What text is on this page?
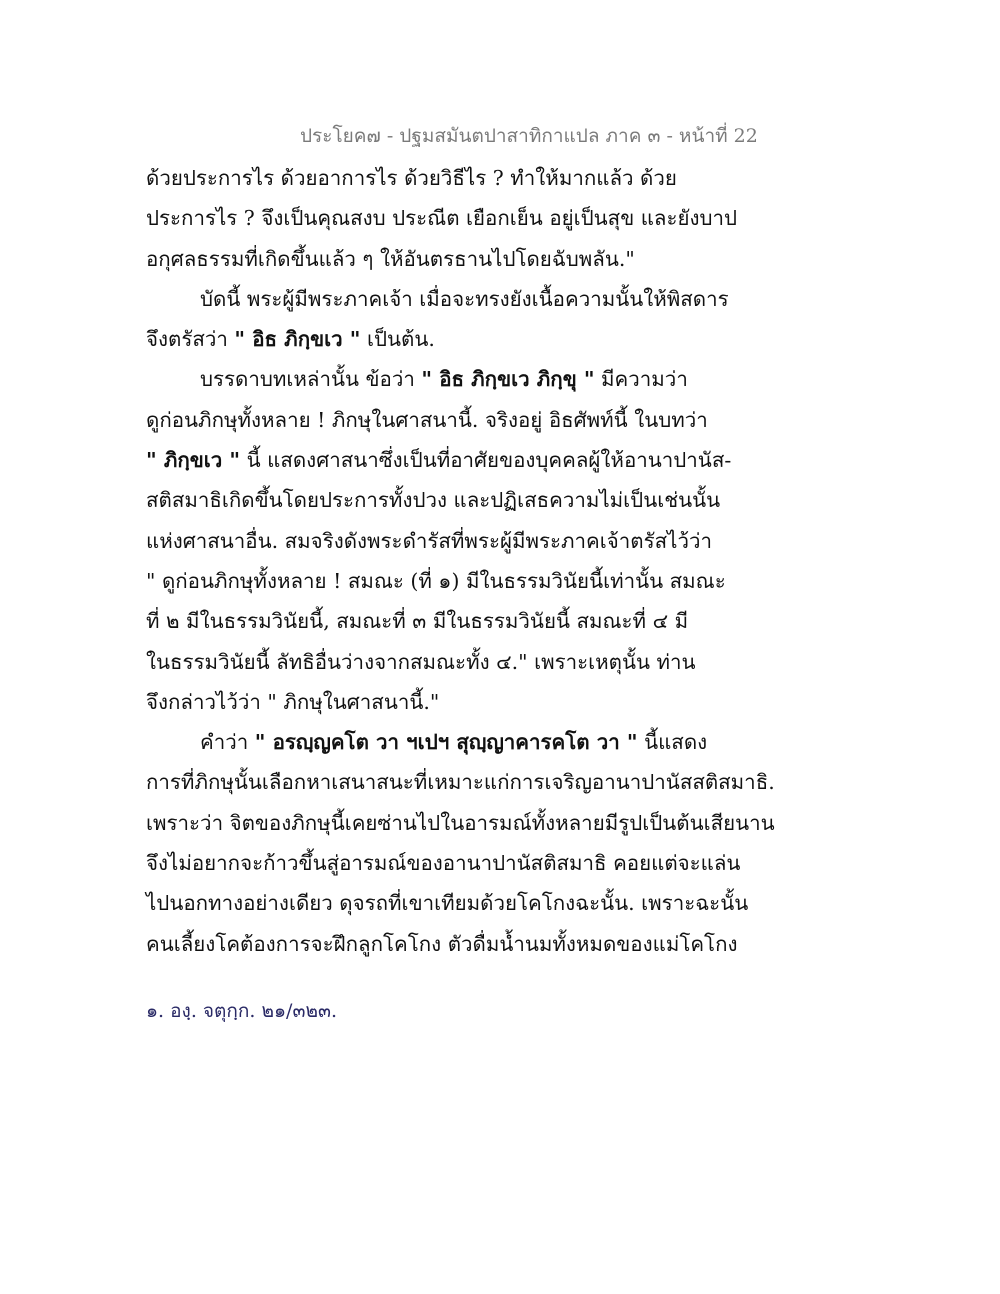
ประโยค๗ - ปฐมสมันตปาสาทิกาแปล ภาค ๓ - หน้าที่ 22
ด้วยประการไร ด้วยอาการไร ด้วยวิธีไร ? ทำให้มากแล้ว ด้วย
ประการไร ? จึงเป็นคุณสงบ ประณีต เยือกเย็น อยู่เป็นสุข และยังบาป
อกุศลธรรมที่เกิดขึ้นแล้ว ๆ ให้อันตรธานไปโดยฉับพลัน."
บัดนี้ พระผู้มีพระภาคเจ้า เมื่อจะทรงยังเนื้อความนั้นให้พิสดาร
จึงตรัสว่า " อิธ ภิกฺขเว " เป็นต้น.
บรรดาบทเหล่านั้น ข้อว่า " อิธ ภิกฺขเว ภิกฺขุ " มีความว่า
ดูก่อนภิกษุทั้งหลาย ! ภิกษุในศาสนานี้. จริงอยู่ อิธศัพท์นี้ ในบทว่า
" ภิกฺขเว " นี้ แสดงศาสนาซึ่งเป็นที่อาศัยของบุคคลผู้ให้อานาปานัส-
สติสมาธิเกิดขึ้นโดยประการทั้งปวง และปฏิเสธความไม่เป็นเช่นนั้น
แห่งศาสนาอื่น. สมจริงดังพระดำรัสที่พระผู้มีพระภาคเจ้าตรัสไว้ว่า
" ดูก่อนภิกษุทั้งหลาย ! สมณะ (ที่ ๑) มีในธรรมวินัยนี้เท่านั้น สมณะ
ที่ ๒ มีในธรรมวินัยนี้, สมณะที่ ๓ มีในธรรมวินัยนี้ สมณะที่ ๔ มี
ในธรรมวินัยนี้ ลัทธิอื่นว่างจากสมณะทั้ง ๔." เพราะเหตุนั้น ท่าน
จึงกล่าวไว้ว่า " ภิกษุในศาสนานี้."
คำว่า " อรญฺญคโต วา ฯเปฯ สุญฺญาคารคโต วา " นี้แสดง
การที่ภิกษุนั้นเลือกหาเสนาสนะที่เหมาะแก่การเจริญอานาปานัสสติสมาธิ.
เพราะว่า จิตของภิกษุนี้เคยซ่านไปในอารมณ์ทั้งหลายมีรูปเป็นต้นเสียนาน
จึงไม่อยากจะก้าวขึ้นสู่อารมณ์ของอานาปานัสติสมาธิ คอยแต่จะแล่น
ไปนอกทางอย่างเดียว ดุจรถที่เขาเทียมด้วยโคโกงฉะนั้น. เพราะฉะนั้น
คนเลี้ยงโคต้องการจะฝึกลูกโคโกง ตัวดื่มน้ำนมทั้งหมดของแม่โคโกง
๑. องฺ. จตุกฺก. ๒๑/๓๒๓.
